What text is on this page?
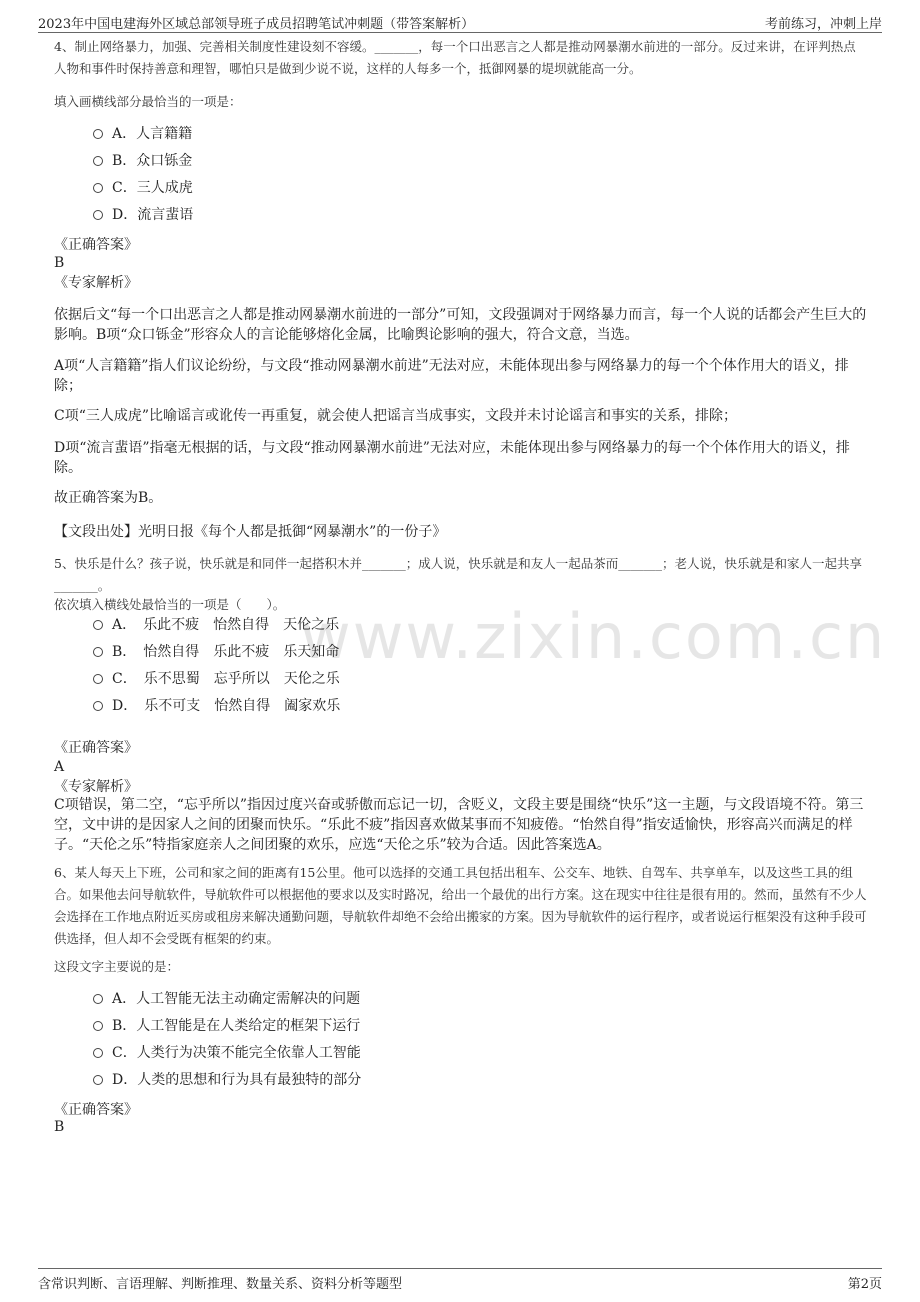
2023年中国电建海外区域总部领导班子成员招聘笔试冲刺题（带答案解析）	考前练习，冲刺上岸
www.zixin.com.cn
4、制止网络暴力，加强、完善相关制度性建设刻不容缓。_______，每一个口出恶言之人都是推动网暴潮水前进的一部分。反过来讲，在评判热点人物和事件时保持善意和理智，哪怕只是做到少说不说，这样的人每多一个，抵御网暴的堤坝就能高一分。
填入画横线部分最恰当的一项是：
A．人言籍籍
B．众口铄金
C．三人成虎
D．流言蜚语
《正确答案》
B
《专家解析》
依据后文“每一个口出恶言之人都是推动网暴潮水前进的一部分”可知，文段强调对于网络暴力而言，每一个人说的话都会产生巨大的影响。B项“众口铄金”形容众人的言论能够熔化金属，比喻舆论影响的强大，符合文意，当选。
A项“人言籍籍”指人们议论纷纷，与文段“推动网暴潮水前进”无法对应，未能体现出参与网络暴力的每一个个体作用大的语义，排除；
C项“三人成虎”比喻谣言或讹传一再重复，就会使人把谣言当成事实，文段并未讨论谣言和事实的关系，排除；
D项“流言蜚语”指毫无根据的话，与文段“推动网暴潮水前进”无法对应，未能体现出参与网络暴力的每一个个体作用大的语义，排除。
故正确答案为B。
【文段出处】光明日报《每个人都是抵御“网暴潮水”的一份子》
5、快乐是什么？孩子说，快乐就是和同伴一起搭积木并_______；成人说，快乐就是和友人一起品茶而_______；老人说，快乐就是和家人一起共享_______。
依次填入横线处最恰当的一项是（　　）。
A．　乐此不疲　怡然自得　天伦之乐
B．　怡然自得　乐此不疲　乐天知命
C．　乐不思蜀　忘乎所以　天伦之乐
D．　乐不可支　怡然自得　阖家欢乐
《正确答案》
A
《专家解析》
C项错误，第二空，“忘乎所以”指因过度兴奋或骄傲而忘记一切，含贬义，文段主要是围绕“快乐”这一主题，与文段语境不符。第三空，文中讲的是因家人之间的团聚而快乐。“乐此不疲”指因喜欢做某事而不知疲倦。“怡然自得”指安适愉快，形容高兴而满足的样子。“天伦之乐”特指家庭亲人之间团聚的欢乐，应选“天伦之乐”较为合适。因此答案选A。
6、某人每天上下班，公司和家之间的距离有15公里。他可以选择的交通工具包括出租车、公交车、地铁、自驾车、共享单车，以及这些工具的组合。如果他去问导航软件，导航软件可以根据他的要求以及实时路况，给出一个最优的出行方案。这在现实中往往是很有用的。然而，虽然有不少人会选择在工作地点附近买房或租房来解决通勤问题，导航软件却绝不会给出搬家的方案。因为导航软件的运行程序，或者说运行框架没有这种手段可供选择，但人却不会受既有框架的约束。
这段文字主要说的是：
A．人工智能无法主动确定需解决的问题
B．人工智能是在人类给定的框架下运行
C．人类行为决策不能完全依靠人工智能
D．人类的思想和行为具有最独特的部分
《正确答案》
B
含常识判断、言语理解、判断推理、数量关系、资料分析等题型	第2页
